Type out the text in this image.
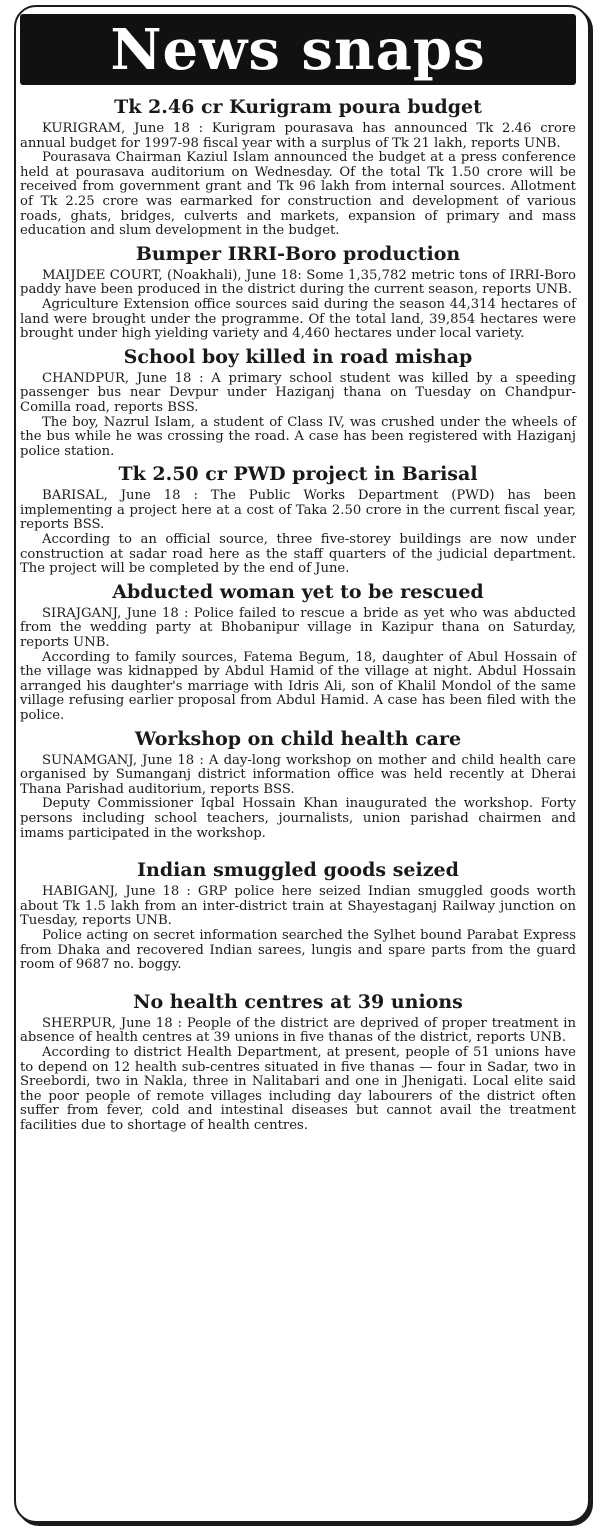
News snaps
Tk 2.46 cr Kurigram poura budget

KURIGRAM, June 18 : Kurigram pourasava has announced Tk 2.46 crore annual budget for 1997-98 fiscal year with a surplus of Tk 21 lakh, reports UNB.

Pourasava Chairman Kaziul Islam announced the budget at a press conference held at pourasava auditorium on Wednesday. Of the total Tk 1.50 crore will be received from government grant and Tk 96 lakh from internal sources. Allotment of Tk 2.25 crore was earmarked for construction and development of various roads, ghats, bridges, culverts and markets, expansion of primary and mass education and slum development in the budget.

Bumper IRRI-Boro production

MAIJDEE COURT, (Noakhali), June 18: Some 1,35,782 metric tons of IRRI-Boro paddy have been produced in the district during the current season, reports UNB.

Agriculture Extension office sources said during the season 44,314 hectares of land were brought under the programme. Of the total land, 39,854 hectares were brought under high yielding variety and 4,460 hectares under local variety.

School boy killed in road mishap

CHANDPUR, June 18 : A primary school student was killed by a speeding passenger bus near Devpur under Haziganj thana on Tuesday on Chandpur-Comilla road, reports BSS.

The boy, Nazrul Islam, a student of Class IV, was crushed under the wheels of the bus while he was crossing the road. A case has been registered with Haziganj police station.

Tk 2.50 cr PWD project in Barisal

BARISAL, June 18 : The Public Works Department (PWD) has been implementing a project here at a cost of Taka 2.50 crore in the current fiscal year, reports BSS.

According to an official source, three five-storey buildings are now under construction at sadar road here as the staff quarters of the judicial department. The project will be completed by the end of June.

Abducted woman yet to be rescued

SIRAJGANJ, June 18 : Police failed to rescue a bride as yet who was abducted from the wedding party at Bhobanipur village in Kazipur thana on Saturday, reports UNB.

According to family sources, Fatema Begum, 18, daughter of Abul Hossain of the village was kidnapped by Abdul Hamid of the village at night. Abdul Hossain arranged his daughter's marriage with Idris Ali, son of Khalil Mondol of the same village refusing earlier proposal from Abdul Hamid. A case has been filed with the police.

Workshop on child health care

SUNAMGANJ, June 18 : A day-long workshop on mother and child health care organised by Sumanganj district information office was held recently at Dherai Thana Parishad auditorium, reports BSS.

Deputy Commissioner Iqbal Hossain Khan inaugurated the workshop. Forty persons including school teachers, journalists, union parishad chairmen and imams participated in the workshop.

Indian smuggled goods seized

HABIGANJ, June 18 : GRP police here seized Indian smuggled goods worth about Tk 1.5 lakh from an inter-district train at Shayestaganj Railway junction on Tuesday, reports UNB.

Police acting on secret information searched the Sylhet bound Parabat Express from Dhaka and recovered Indian sarees, lungis and spare parts from the guard room of 9687 no. boggy.

No health centres at 39 unions

SHERPUR, June 18 : People of the district are deprived of proper treatment in absence of health centres at 39 unions in five thanas of the district, reports UNB.

According to district Health Department, at present, people of 51 unions have to depend on 12 health sub-centres situated in five thanas — four in Sadar, two in Sreebordi, two in Nakla, three in Nalitabari and one in Jhenigati. Local elite said the poor people of remote villages including day labourers of the district often suffer from fever, cold and intestinal diseases but cannot avail the treatment facilities due to shortage of health centres.
